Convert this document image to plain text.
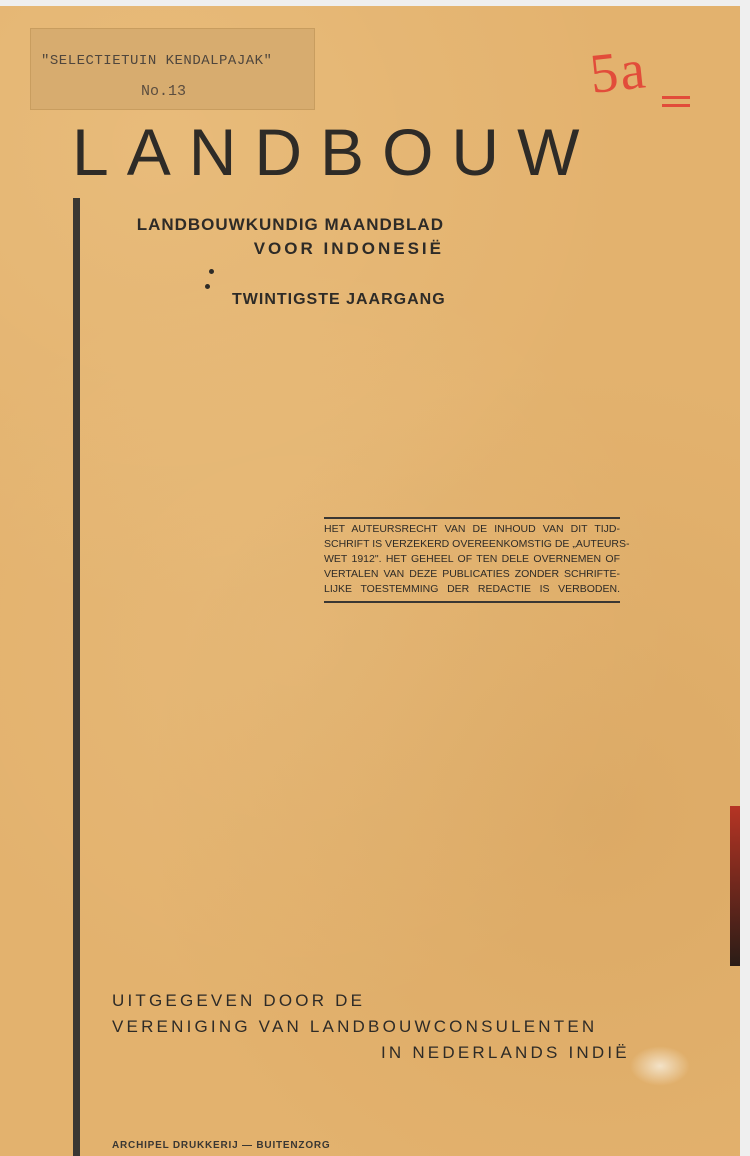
"SELECTIETUIN KENDALPAJAK"
No.13	5a
LANDBOUW
LANDBOUWKUNDIG MAANDBLAD
VOOR INDONESIË
TWINTIGSTE JAARGANG
HET AUTEURSRECHT VAN DE INHOUD VAN DIT TIJD-
SCHRIFT IS VERZEKERD OVEREENKOMSTIG DE „AUTEURS-
WET 1912". HET GEHEEL OF TEN DELE OVERNEMEN OF
VERTALEN VAN DEZE PUBLICATIES ZONDER SCHRIFTE-
LIJKE TOESTEMMING DER REDACTIE IS VERBODEN.
UITGEGEVEN DOOR DE
VERENIGING VAN LANDBOUWCONSULENTEN
IN NEDERLANDS INDIË
ARCHIPEL DRUKKERIJ — BUITENZORG
